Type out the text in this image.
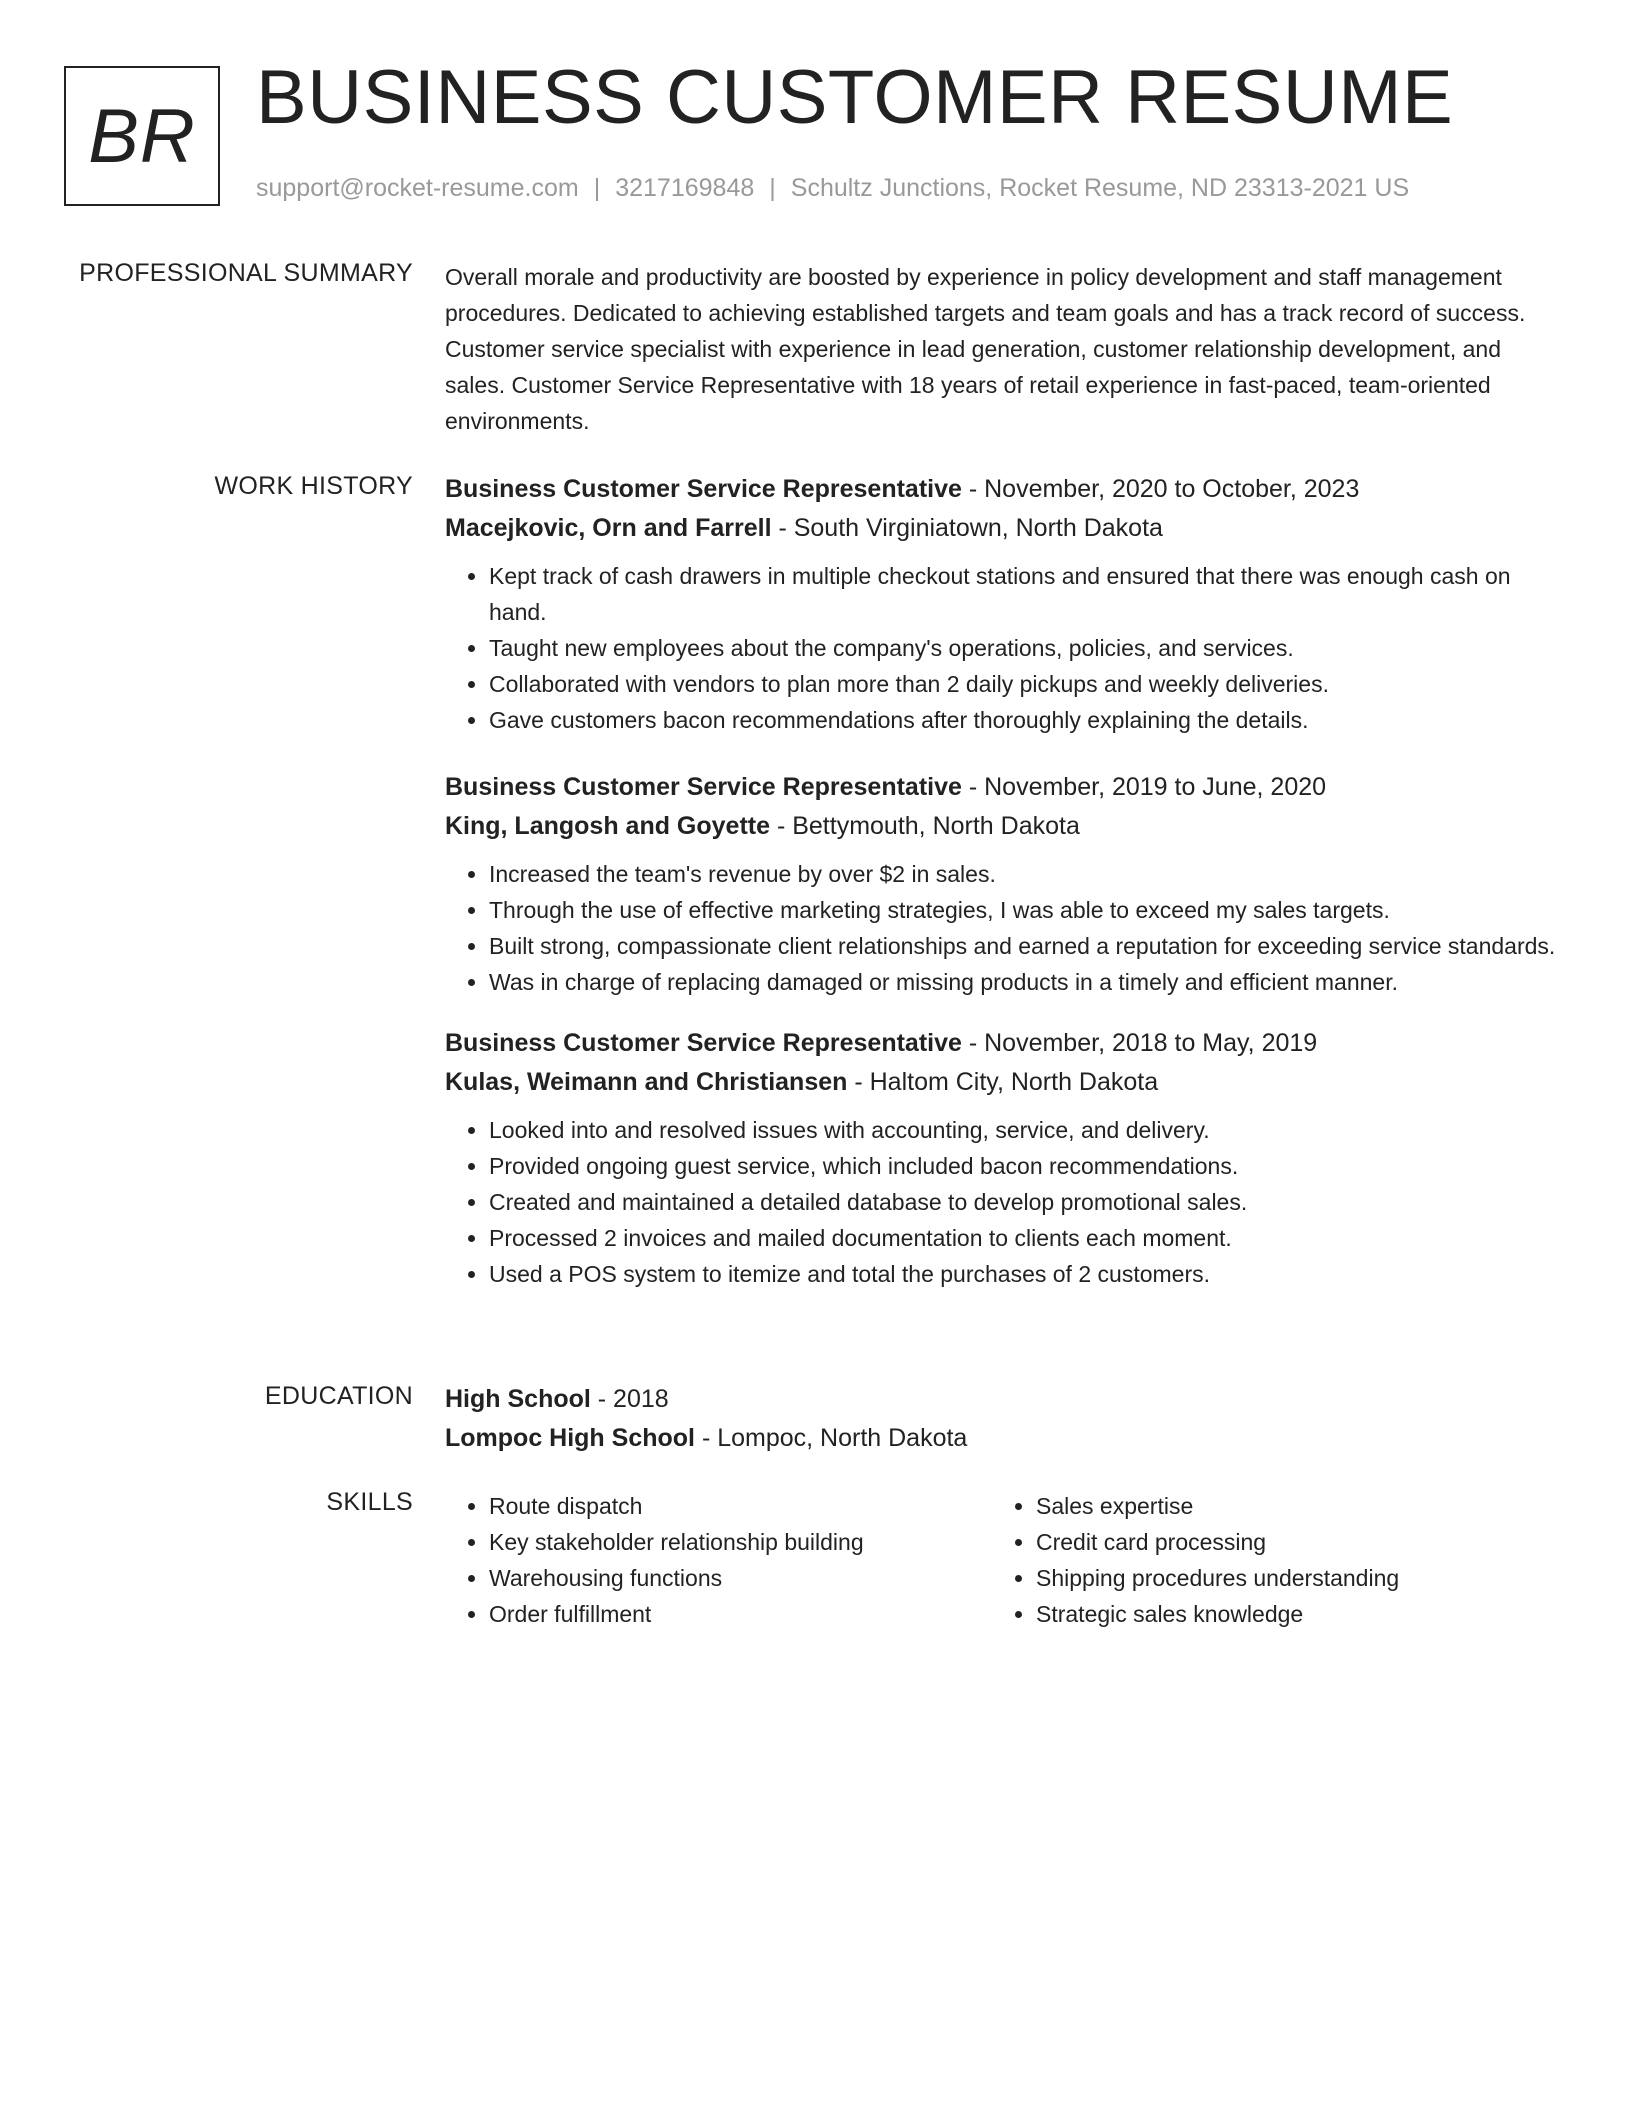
BR BUSINESS CUSTOMER RESUME
support@rocket-resume.com | 3217169848 | Schultz Junctions, Rocket Resume, ND 23313-2021 US
PROFESSIONAL SUMMARY Overall morale and productivity are boosted by experience in policy development and staff management procedures. Dedicated to achieving established targets and team goals and has a track record of success. Customer service specialist with experience in lead generation, customer relationship development, and sales. Customer Service Representative with 18 years of retail experience in fast-paced, team-oriented environments.

WORK HISTORY Business Customer Service Representative - November, 2020 to October, 2023
Macejkovic, Orn and Farrell - South Virginiatown, North Dakota
• Kept track of cash drawers in multiple checkout stations and ensured that there was enough cash on hand.
• Taught new employees about the company's operations, policies, and services.
• Collaborated with vendors to plan more than 2 daily pickups and weekly deliveries.
• Gave customers bacon recommendations after thoroughly explaining the details.
Business Customer Service Representative - November, 2019 to June, 2020
King, Langosh and Goyette - Bettymouth, North Dakota
• Increased the team's revenue by over $2 in sales.
• Through the use of effective marketing strategies, I was able to exceed my sales targets.
• Built strong, compassionate client relationships and earned a reputation for exceeding service standards.
• Was in charge of replacing damaged or missing products in a timely and efficient manner.
Business Customer Service Representative - November, 2018 to May, 2019
Kulas, Weimann and Christiansen - Haltom City, North Dakota
• Looked into and resolved issues with accounting, service, and delivery.
• Provided ongoing guest service, which included bacon recommendations.
• Created and maintained a detailed database to develop promotional sales.
• Processed 2 invoices and mailed documentation to clients each moment.
• Used a POS system to itemize and total the purchases of 2 customers.
EDUCATION High School - 2018
Lompoc High School - Lompoc, North Dakota
SKILLS
•	Route dispatch
• Key stakeholder relationship building
• Warehousing functions
• Order fulfillment
• Sales expertise
• Credit card processing
• Shipping procedures understanding
• Strategic sales knowledge
